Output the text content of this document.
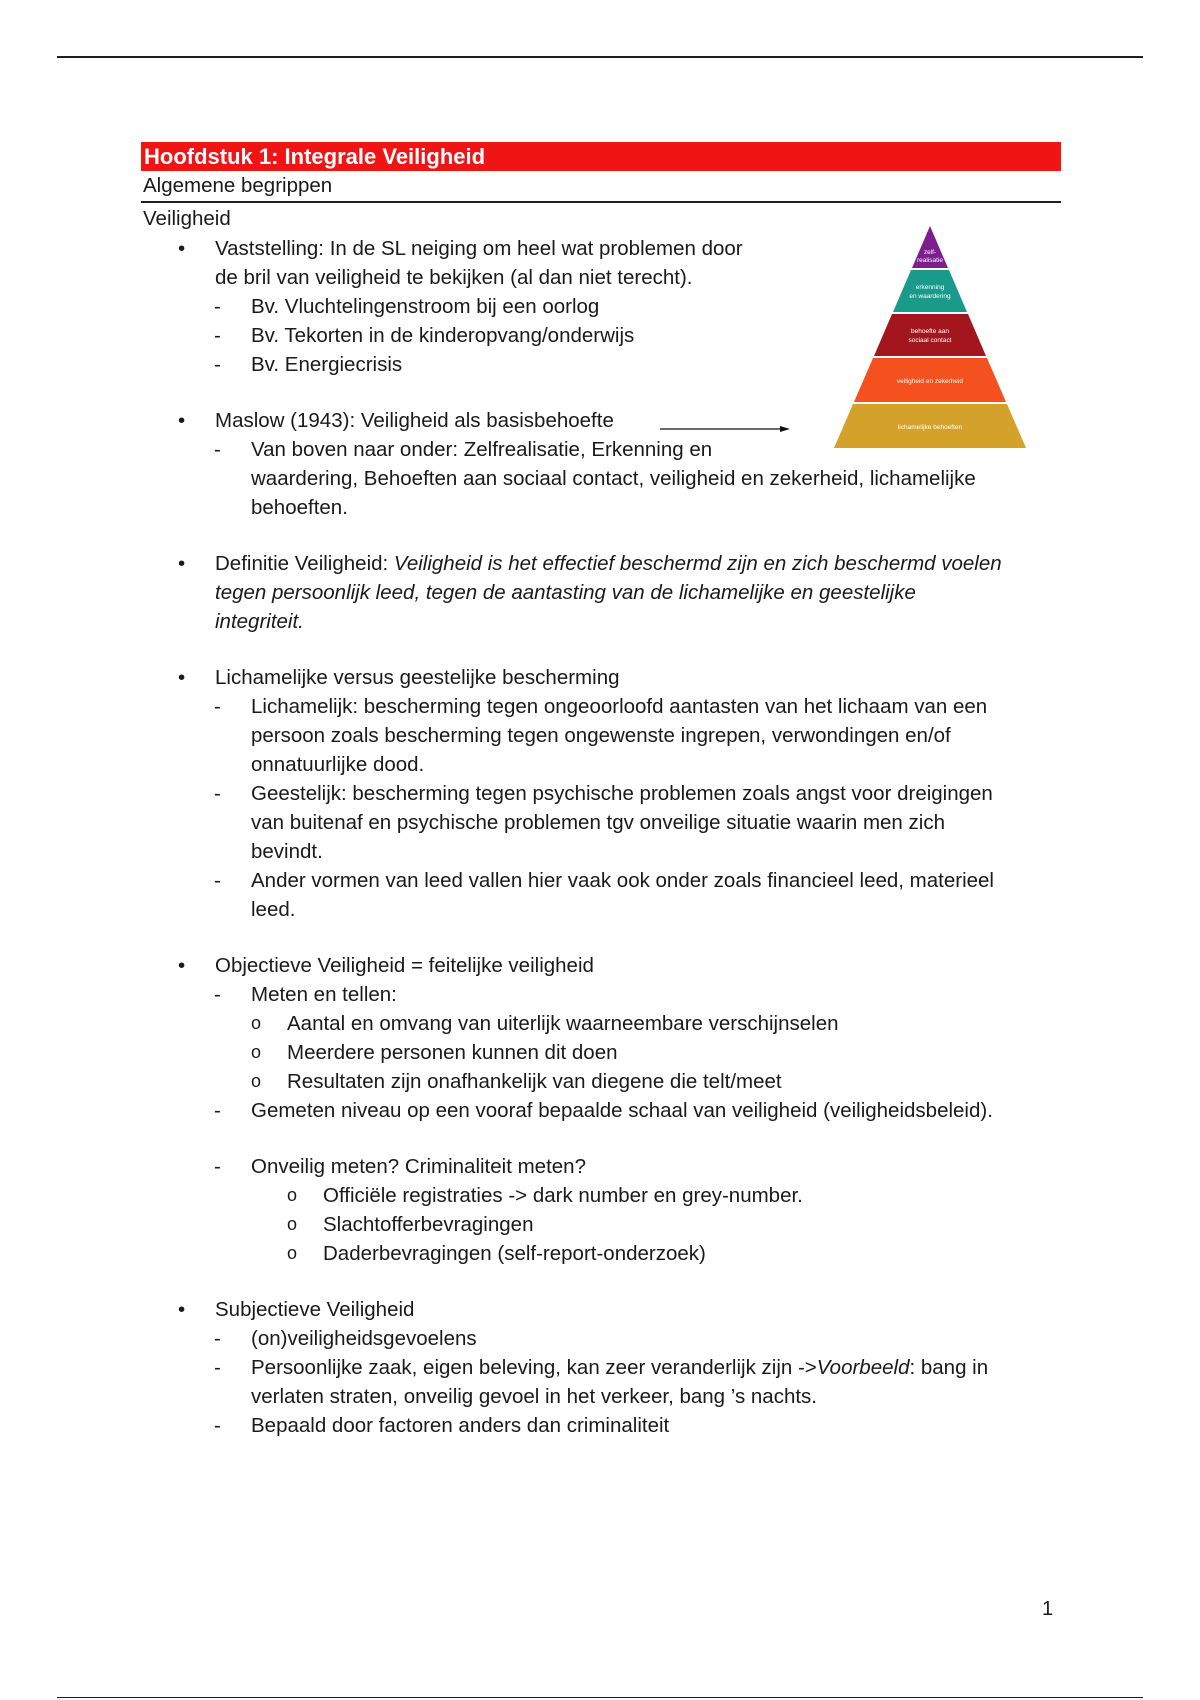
zelf-
realisatie
erkenning
en waardering
behoefte aan
sociaal contact
veiligheid en zekerheid
lichamelijke behoeften
Hoofdstuk 1: Integrale Veiligheid
Algemene begrippen
Veiligheid
• Vaststelling: In de SL neiging om heel wat problemen door
de bril van veiligheid te bekijken (al dan niet terecht).
- Bv. Vluchtelingenstroom bij een oorlog
- Bv. Tekorten in de kinderopvang/onderwijs
- Bv. Energiecrisis
• Maslow (1943): Veiligheid als basisbehoefte
- Van boven naar onder: Zelfrealisatie, Erkenning en
waardering, Behoeften aan sociaal contact, veiligheid en zekerheid, lichamelijke
behoeften.
• Definitie Veiligheid: Veiligheid is het effectief beschermd zijn en zich beschermd voelen
tegen persoonlijk leed, tegen de aantasting van de lichamelijke en geestelijke
integriteit.
• Lichamelijke versus geestelijke bescherming
- Lichamelijk: bescherming tegen ongeoorloofd aantasten van het lichaam van een
persoon zoals bescherming tegen ongewenste ingrepen, verwondingen en/of
onnatuurlijke dood.
- Geestelijk: bescherming tegen psychische problemen zoals angst voor dreigingen
van buitenaf en psychische problemen tgv onveilige situatie waarin men zich
bevindt.
- Ander vormen van leed vallen hier vaak ook onder zoals financieel leed, materieel
leed.
• Objectieve Veiligheid = feitelijke veiligheid
- Meten en tellen:
o Aantal en omvang van uiterlijk waarneembare verschijnselen
o Meerdere personen kunnen dit doen
o Resultaten zijn onafhankelijk van diegene die telt/meet
- Gemeten niveau op een vooraf bepaalde schaal van veiligheid (veiligheidsbeleid).
- Onveilig meten? Criminaliteit meten?
o Officiële registraties -> dark number en grey-number.
o Slachtofferbevragingen
o Daderbevragingen (self-report-onderzoek)
• Subjectieve Veiligheid
- (on)veiligheidsgevoelens
- Persoonlijke zaak, eigen beleving, kan zeer veranderlijk zijn ->Voorbeeld: bang in
verlaten straten, onveilig gevoel in het verkeer, bang ’s nachts.
- Bepaald door factoren anders dan criminaliteit
1
